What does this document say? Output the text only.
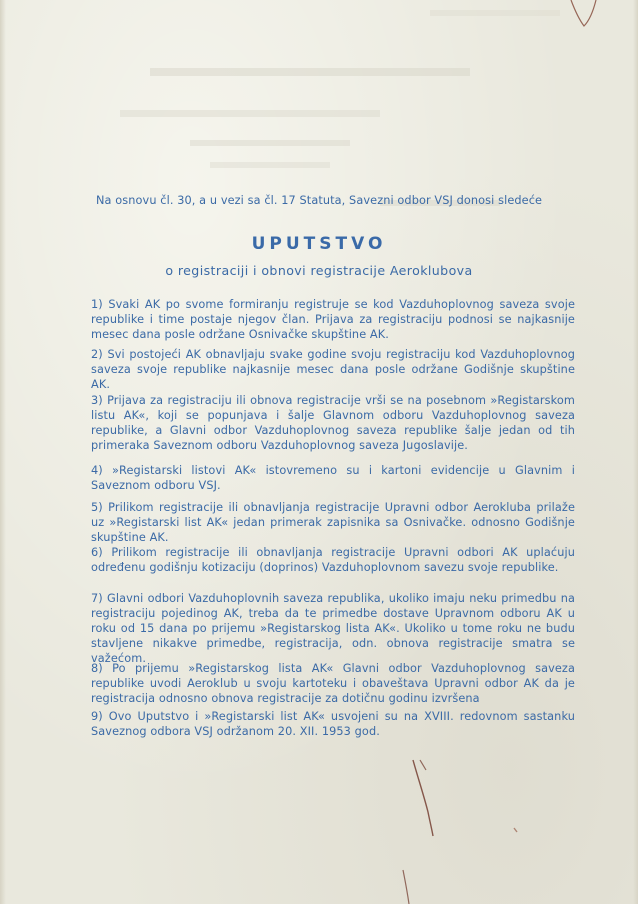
Na osnovu čl. 30, a u vezi sa čl. 17 Statuta, Savezni odbor VSJ donosi sledeće
UPUTSTVO
o registraciji i obnovi registracije Aeroklubova
1) Svaki AK po svome formiranju registruje se kod Vazduhoplovnog saveza svoje republike i time postaje njegov član. Prijava za registraciju podnosi se najkasnije mesec dana posle održane Osnivačke skupštine AK.
2) Svi postojeći AK obnavljaju svake godine svoju registraciju kod Vazduhoplovnog saveza svoje republike najkasnije mesec dana posle održane Godišnje skupštine AK.
3) Prijava za registraciju ili obnova registracije vrši se na posebnom »Registarskom listu AK«, koji se popunjava i šalje Glavnom odboru Vazduhoplovnog saveza republike, a Glavni odbor Vazduhoplovnog saveza republike šalje jedan od tih primeraka Saveznom odboru Vazduhoplovnog saveza Jugoslavije.
4) »Registarski listovi AK« istovremeno su i kartoni evidencije u Glavnim i Saveznom odboru VSJ.
5) Prilikom registracije ili obnavljanja registracije Upravni odbor Aerokluba prilaže uz »Registarski list AK« jedan primerak zapisnika sa Osnivačke. odnosno Godišnje skupštine AK.
6) Prilikom registracije ili obnavljanja registracije Upravni odbori AK uplaćuju određenu godišnju kotizaciju (doprinos) Vazduhoplovnom savezu svoje republike.
7) Glavni odbori Vazduhoplovnih saveza republika, ukoliko imaju neku primedbu na registraciju pojedinog AK, treba da te primedbe dostave Upravnom odboru AK u roku od 15 dana po prijemu »Registarskog lista AK«. Ukoliko u tome roku ne budu stavljene nikakve primedbe, registracija, odn. obnova registracije smatra se važećom.
8) Po prijemu »Registarskog lista AK« Glavni odbor Vazduhoplovnog saveza republike uvodi Aeroklub u svoju kartoteku i obaveštava Upravni odbor AK da je registracija odnosno obnova registracije za dotičnu godinu izvršena
9) Ovo Uputstvo i »Registarski list AK« usvojeni su na XVIII. redovnom sastanku Saveznog odbora VSJ održanom 20. XII. 1953 god.
